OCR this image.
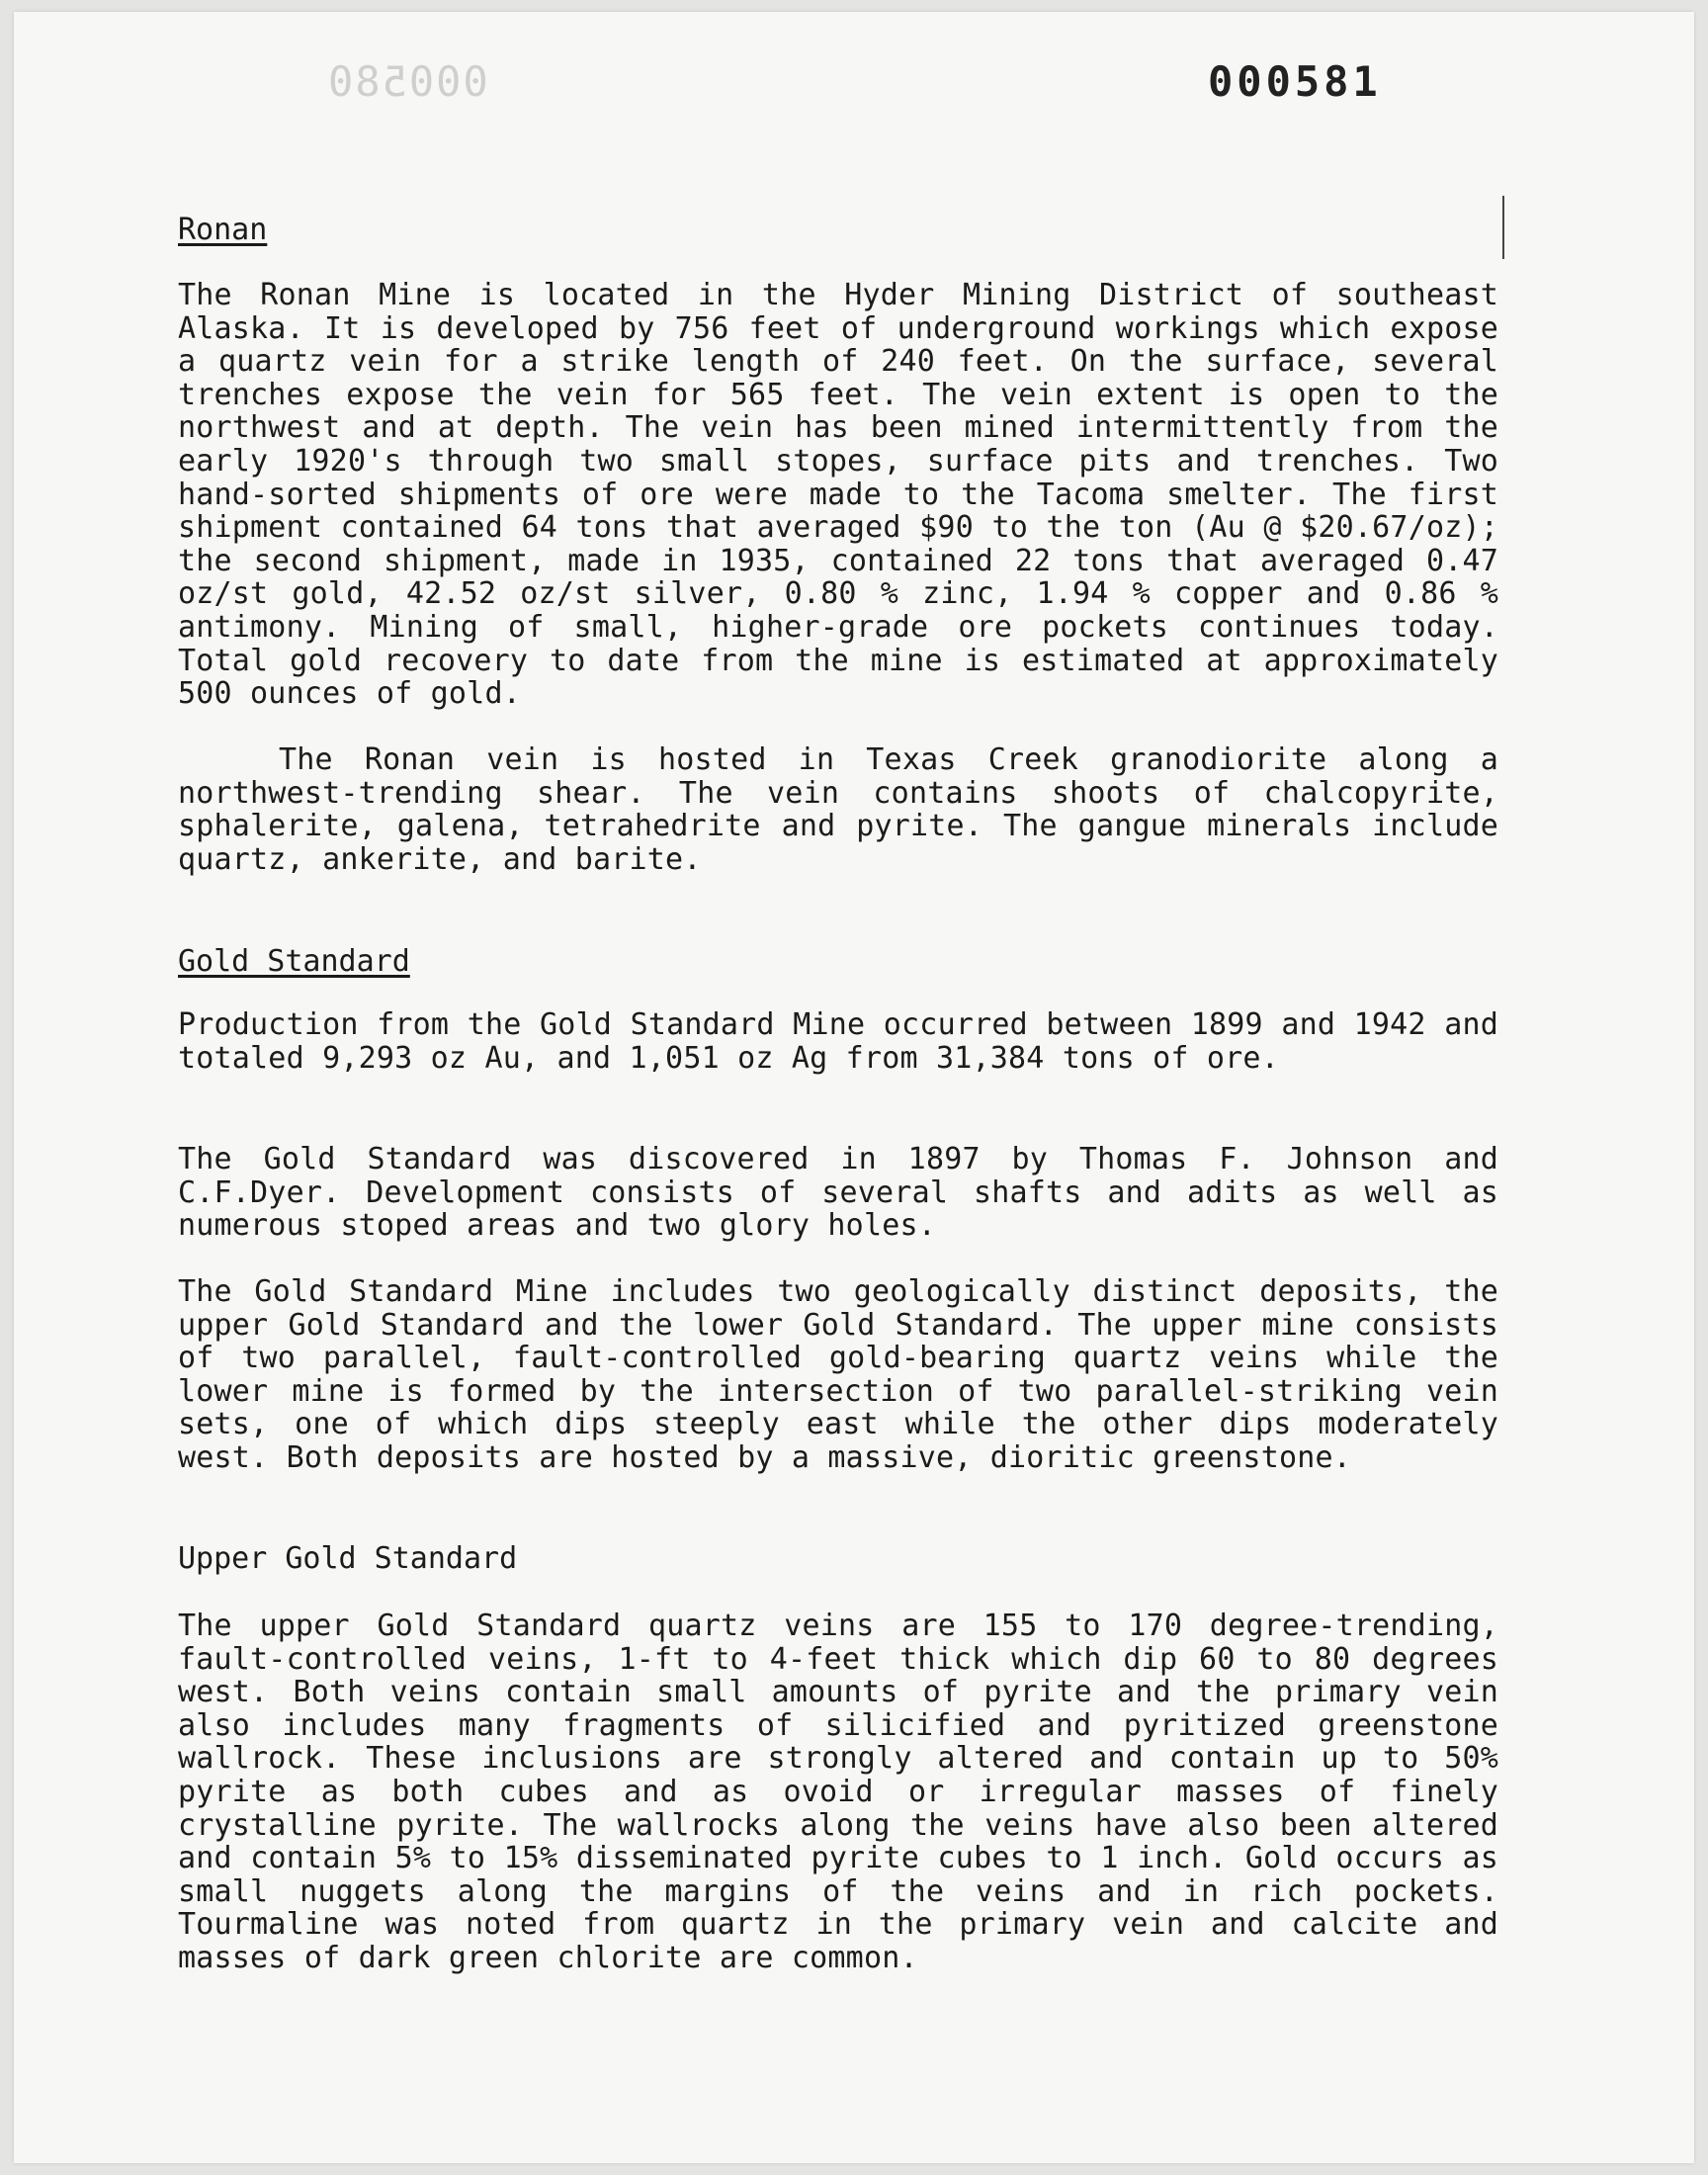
000580	000581
Ronan
The Ronan Mine is located in the Hyder Mining District of southeast Alaska. It is developed by 756 feet of underground workings which expose a quartz vein for a strike length of 240 feet. On the surface, several trenches expose the vein for 565 feet. The vein extent is open to the northwest and at depth. The vein has been mined intermittently from the early 1920's through two small stopes, surface pits and trenches. Two hand-sorted shipments of ore were made to the Tacoma smelter. The first shipment contained 64 tons that averaged $90 to the ton (Au @ $20.67/oz); the second shipment, made in 1935, contained 22 tons that averaged 0.47 oz/st gold, 42.52 oz/st silver, 0.80 % zinc, 1.94 % copper and 0.86 % antimony. Mining of small, higher-grade ore pockets continues today. Total gold recovery to date from the mine is estimated at approximately 500 ounces of gold.
The Ronan vein is hosted in Texas Creek granodiorite along a northwest-trending shear. The vein contains shoots of chalcopyrite, sphalerite, galena, tetrahedrite and pyrite. The gangue minerals include quartz, ankerite, and barite.
Gold Standard
Production from the Gold Standard Mine occurred between 1899 and 1942 and totaled 9,293 oz Au, and 1,051 oz Ag from 31,384 tons of ore.
The Gold Standard was discovered in 1897 by Thomas F. Johnson and C.F.Dyer. Development consists of several shafts and adits as well as numerous stoped areas and two glory holes.
The Gold Standard Mine includes two geologically distinct deposits, the upper Gold Standard and the lower Gold Standard. The upper mine consists of two parallel, fault-controlled gold-bearing quartz veins while the lower mine is formed by the intersection of two parallel-striking vein sets, one of which dips steeply east while the other dips moderately west. Both deposits are hosted by a massive, dioritic greenstone.
Upper Gold Standard
The upper Gold Standard quartz veins are 155 to 170 degree-trending, fault-controlled veins, 1-ft to 4-feet thick which dip 60 to 80 degrees west. Both veins contain small amounts of pyrite and the primary vein also includes many fragments of silicified and pyritized greenstone wallrock. These inclusions are strongly altered and contain up to 50% pyrite as both cubes and as ovoid or irregular masses of finely crystalline pyrite. The wallrocks along the veins have also been altered and contain 5% to 15% disseminated pyrite cubes to 1 inch. Gold occurs as small nuggets along the margins of the veins and in rich pockets. Tourmaline was noted from quartz in the primary vein and calcite and masses of dark green chlorite are common.
